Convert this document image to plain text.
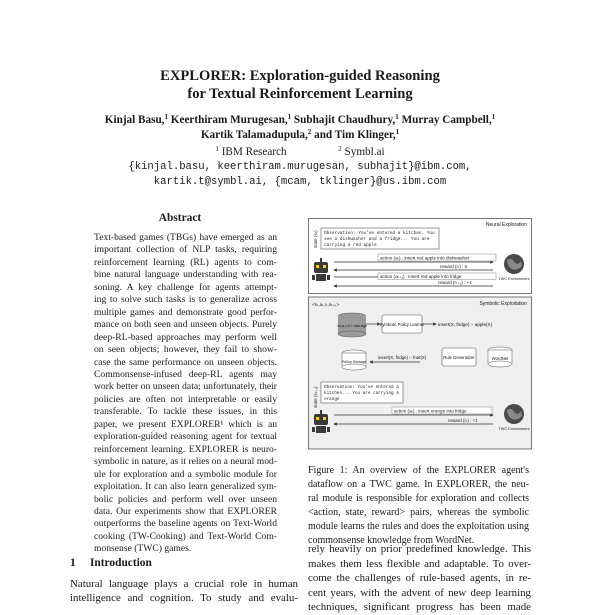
EXPLORER: Exploration-guided Reasoning
for Textual Reinforcement Learning
Kinjal Basu,$^1$ Keerthiram Murugesan,$^1$ Subhajit Chaudhury,$^1$ Murray Campbell,$^1$
Kartik Talamadupula,$^2$ and Tim Klinger,$^1$
$^1$ IBM Research	$^2$ Symbl.ai
{kinjal.basu, keerthiram.murugesan, subhajit}@ibm.com,
kartik.t@symbl.ai, {mcam, tklinger}@us.ibm.com
Abstract
Text-based games (TBGs) have emerged as an
important collection of NLP tasks, requiring
reinforcement learning (RL) agents to com-
bine natural language understanding with rea-
soning. A key challenge for agents attempt-
ing to solve such tasks is to generalize across
multiple games and demonstrate good perfor-
mance on both seen and unseen objects. Purely
deep-RL-based approaches may perform well
on seen objects; however, they fail to show-
case the same performance on unseen objects.
Commonsense-infused deep-RL agents may
work better on unseen data; unfortunately, their
policies are often not interpretable or easily
transferable. To tackle these issues, in this
paper, we present EXPLORER¹ which is an
exploration-guided reasoning agent for textual
reinforcement learning. EXPLORER is neuro-
symbolic in nature, as it relies on a neural mod-
ule for exploration and a symbolic module for
exploitation. It can also learn generalized sym-
bolic policies and perform well over unseen
data. Our experiments show that EXPLORER
outperforms the baseline agents on Text-World
cooking (TW-Cooking) and Text-World Com-
monsense (TWC) games.
1 Introduction
Natural language plays a crucial role in human
intelligence and cognition. To study and evalu-
Neural Exploration
state (sₜ) Observation: You've entered a kitchen. You
see a dishwasher and a fridge... You are
carrying a red apple
action (aₜ) : insert red apple into dishwasher
reward (rₜ) : 0
action (aₜ₊₁) : insert red apple into fridge
reward (rₜ₊₁) : +1
TWC Environment
Symbolic Exploitation
<sₜ,aₜ,rₜ,sₜ₊₁>
<s,a,r,s'> storage	Symbolic Policy Learner	insert(X, fridge) :- apple(X)
Policy Storage
insert(X, fridge) :- fruit(X)	Rule Generalizer	WordNet
state (sₜ₊₁) Observation: You've entered a
kitchen... You are carrying a
orange
action (aₜ) : insert orange into fridge
reward (rₜ) : +1
TWC Environment
Figure 1: An overview of the EXPLORER agent's
dataflow on a TWC game. In EXPLORER, the neu-
ral module is responsible for exploration and collects
<action, state, reward> pairs, whereas the symbolic
module learns the rules and does the exploitation using
commonsense knowledge from WordNet.
rely heavily on prior predefined knowledge. This
makes them less flexible and adaptable. To over-
come the challenges of rule-based agents, in re-
cent years, with the advent of new deep learning
techniques, significant progress has been made
